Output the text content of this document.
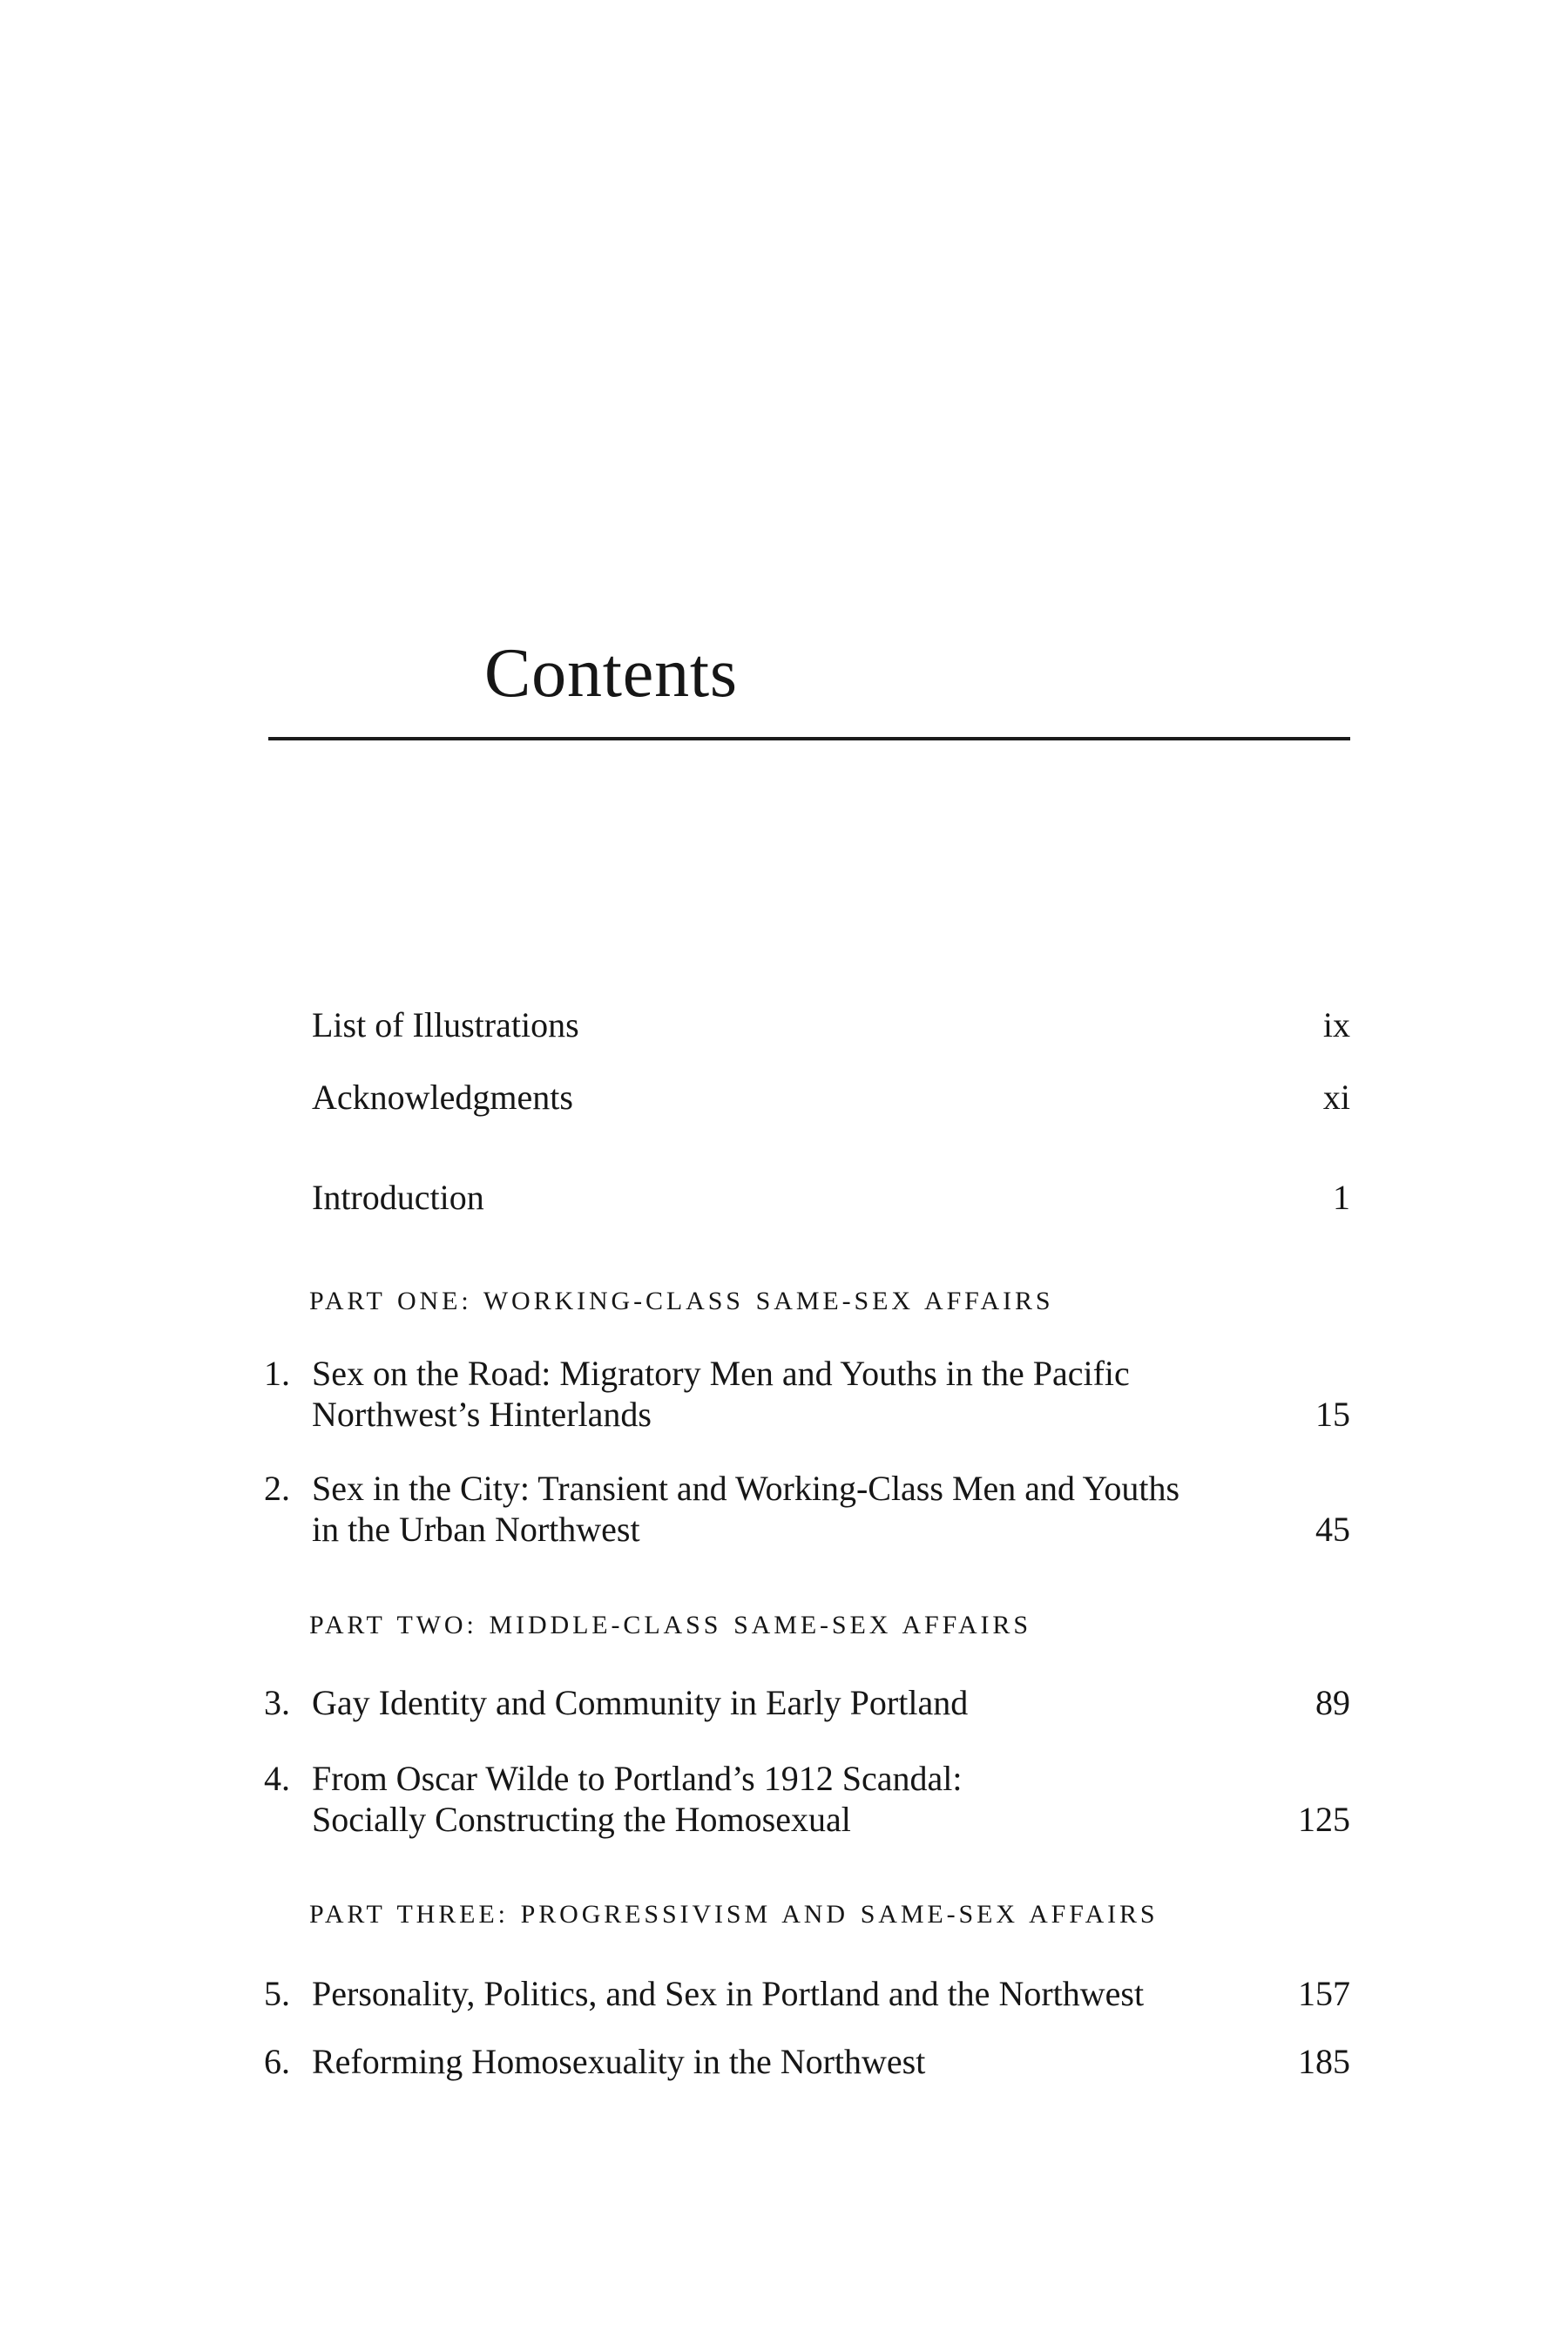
Contents
List of Illustrations	ix
Acknowledgments	xi
Introduction	1
PART ONE: WORKING-CLASS SAME-SEX AFFAIRS
1. Sex on the Road: Migratory Men and Youths in the Pacific
Northwest’s Hinterlands	15
2. Sex in the City: Transient and Working-Class Men and Youths
in the Urban Northwest	45
PART TWO: MIDDLE-CLASS SAME-SEX AFFAIRS
3. Gay Identity and Community in Early Portland	89
4. From Oscar Wilde to Portland’s 1912 Scandal:
Socially Constructing the Homosexual	125
PART THREE: PROGRESSIVISM AND SAME-SEX AFFAIRS
5. Personality, Politics, and Sex in Portland and the Northwest	157
6. Reforming Homosexuality in the Northwest	185
